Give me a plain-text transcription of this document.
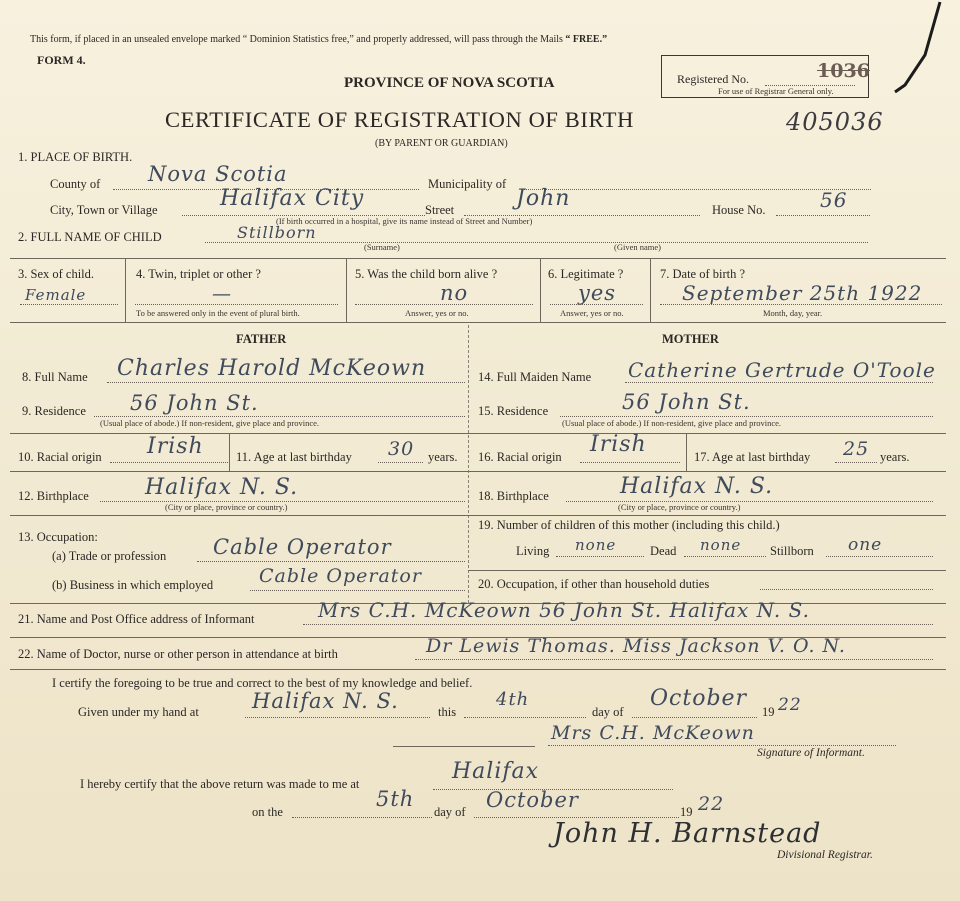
This form, if placed in an unsealed envelope marked “ Dominion Statistics free,” and properly addressed, will pass through the Mails “ FREE.”
FORM 4.
PROVINCE OF NOVA SCOTIA
CERTIFICATE OF REGISTRATION OF BIRTH
(BY PARENT OR GUARDIAN)
405036
Registered No.	1036
For use of Registrar General only.
1. PLACE OF BIRTH.
County of Nova Scotia	Municipality of
City, Town or Village	Halifax City
(If birth occurred in a hospital, give its name instead of Street and Number)
Street	John	House No.	56
2. FULL NAME OF CHILD	Stillborn
(Surname)	(Given name)
3. Sex of child.
Female
4. Twin, triplet or other ?
—
To be answered only in the event of plural birth.
5. Was the child born alive ?
no
Answer, yes or no.
6. Legitimate ?
yes
Answer, yes or no.
7. Date of birth ?
September 25th 1922
Month, day, year.
FATHER	MOTHER
8. Full Name Charles Harold McKeown
9. Residence 56 John St.
(Usual place of abode.) If non-resident, give place and province.
10. Racial origin Irish	11. Age at last birthday 30 years.
12. Birthplace	Halifax N. S.
(City or place, province or country.)
13. Occupation:
(a) Trade or profession Cable Operator
(b) Business in which employed Cable Operator
14. Full Maiden Name Catherine Gertrude O'Toole
15. Residence	56 John St.
(Usual place of abode.) If non-resident, give place and province.
16. Racial origin Irish	17. Age at last birthday 25 years.
18. Birthplace	Halifax N. S.
(City or place, province or country.)
19. Number of children of this mother (including this child.)
Living none	Dead none Stillborn one
20. Occupation, if other than household duties
21. Name and Post Office address of Informant	Mrs C.H. McKeown 56 John St. Halifax N. S.
22. Name of Doctor, nurse or other person in attendance at birth	Dr Lewis Thomas. Miss Jackson V. O. N.
I certify the foregoing to be true and correct to the best of my knowledge and belief.
Given under my hand at	Halifax N. S.	this
4th
day of
October
19 22
Mrs C.H. McKeown
Signature of Informant.
I hereby certify that the above return was made to me at	Halifax
on the
5th
day of October	19 22
John H. Barnstead
Divisional Registrar.
